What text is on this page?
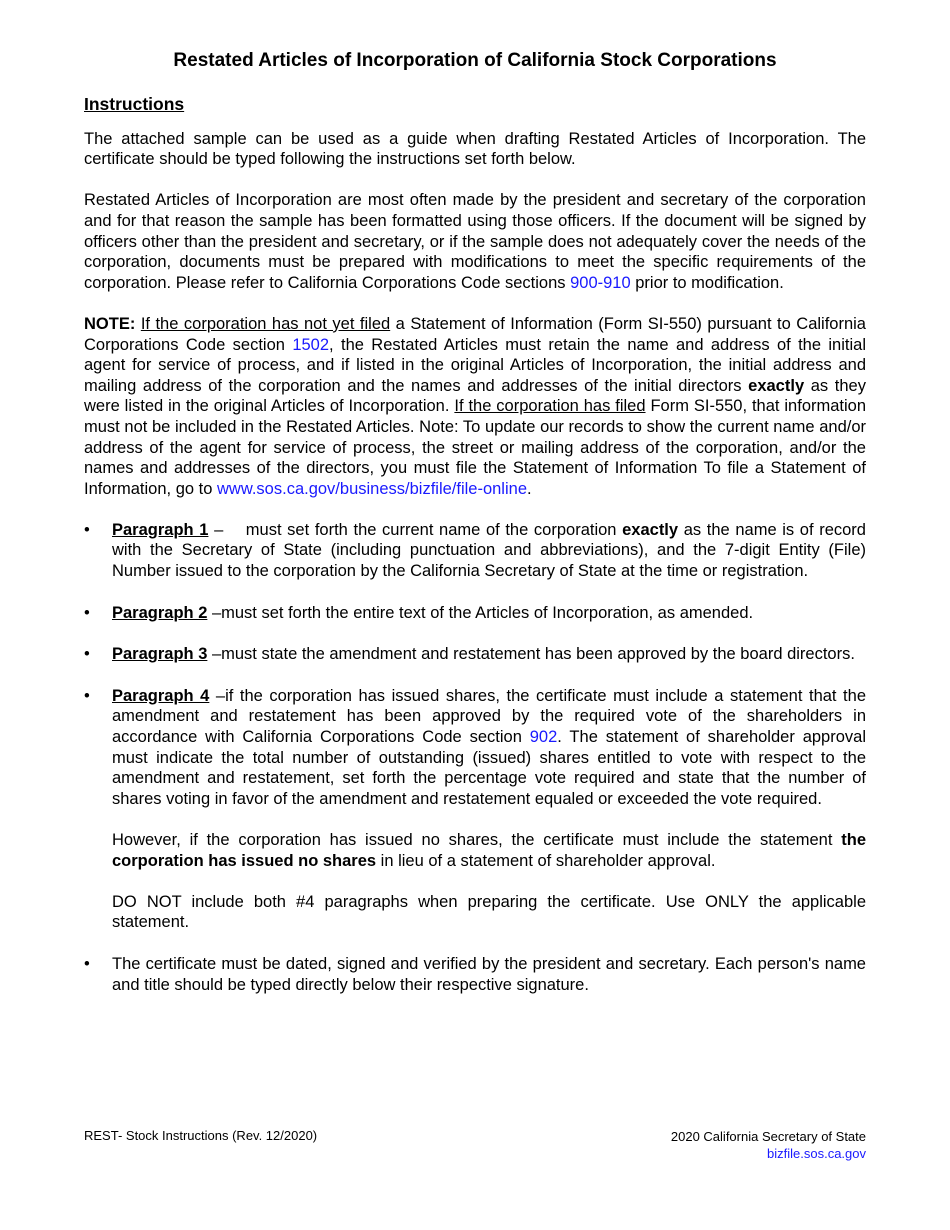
Restated Articles of Incorporation of California Stock Corporations
Instructions

The attached sample can be used as a guide when drafting Restated Articles of Incorporation. The certificate should be typed following the instructions set forth below.

Restated Articles of Incorporation are most often made by the president and secretary of the corporation and for that reason the sample has been formatted using those officers. If the document will be signed by officers other than the president and secretary, or if the sample does not adequately cover the needs of the corporation, documents must be prepared with modifications to meet the specific requirements of the corporation. Please refer to California Corporations Code sections 900-910 prior to modification.

NOTE: If the corporation has not yet filed a Statement of Information (Form SI-550) pursuant to California Corporations Code section 1502, the Restated Articles must retain the name and address of the initial agent for service of process, and if listed in the original Articles of Incorporation, the initial address and mailing address of the corporation and the names and addresses of the initial directors exactly as they were listed in the original Articles of Incorporation. If the corporation has filed Form SI-550, that information must not be included in the Restated Articles. Note: To update our records to show the current name and/or address of the agent for service of process, the street or mailing address of the corporation, and/or the names and addresses of the directors, you must file the Statement of Information To file a Statement of Information, go to www.sos.ca.gov/business/bizfile/file-online.

• Paragraph 1 –    must set forth the current name of the corporation exactly as the name is of record with the Secretary of State (including punctuation and abbreviations), and the 7-digit Entity (File) Number issued to the corporation by the California Secretary of State at the time or registration.
• Paragraph 2 –must set forth the entire text of the Articles of Incorporation, as amended.
• Paragraph 3 –must state the amendment and restatement has been approved by the board directors.
• Paragraph 4 –if the corporation has issued shares, the certificate must include a statement that the amendment and restatement has been approved by the required vote of the shareholders in accordance with California Corporations Code section 902. The statement of shareholder approval must indicate the total number of outstanding (issued) shares entitled to vote with respect to the amendment and restatement, set forth the percentage vote required and state that the number of shares voting in favor of the amendment and restatement equaled or exceeded the vote required.
However, if the corporation has issued no shares, the certificate must include the statement the corporation has issued no shares in lieu of a statement of shareholder approval.
DO NOT include both #4 paragraphs when preparing the certificate. Use ONLY the applicable statement.
• The certificate must be dated, signed and verified by the president and secretary. Each person's name and title should be typed directly below their respective signature.
REST- Stock Instructions (Rev. 12/2020)	2020 California Secretary of State
bizfile.sos.ca.gov
